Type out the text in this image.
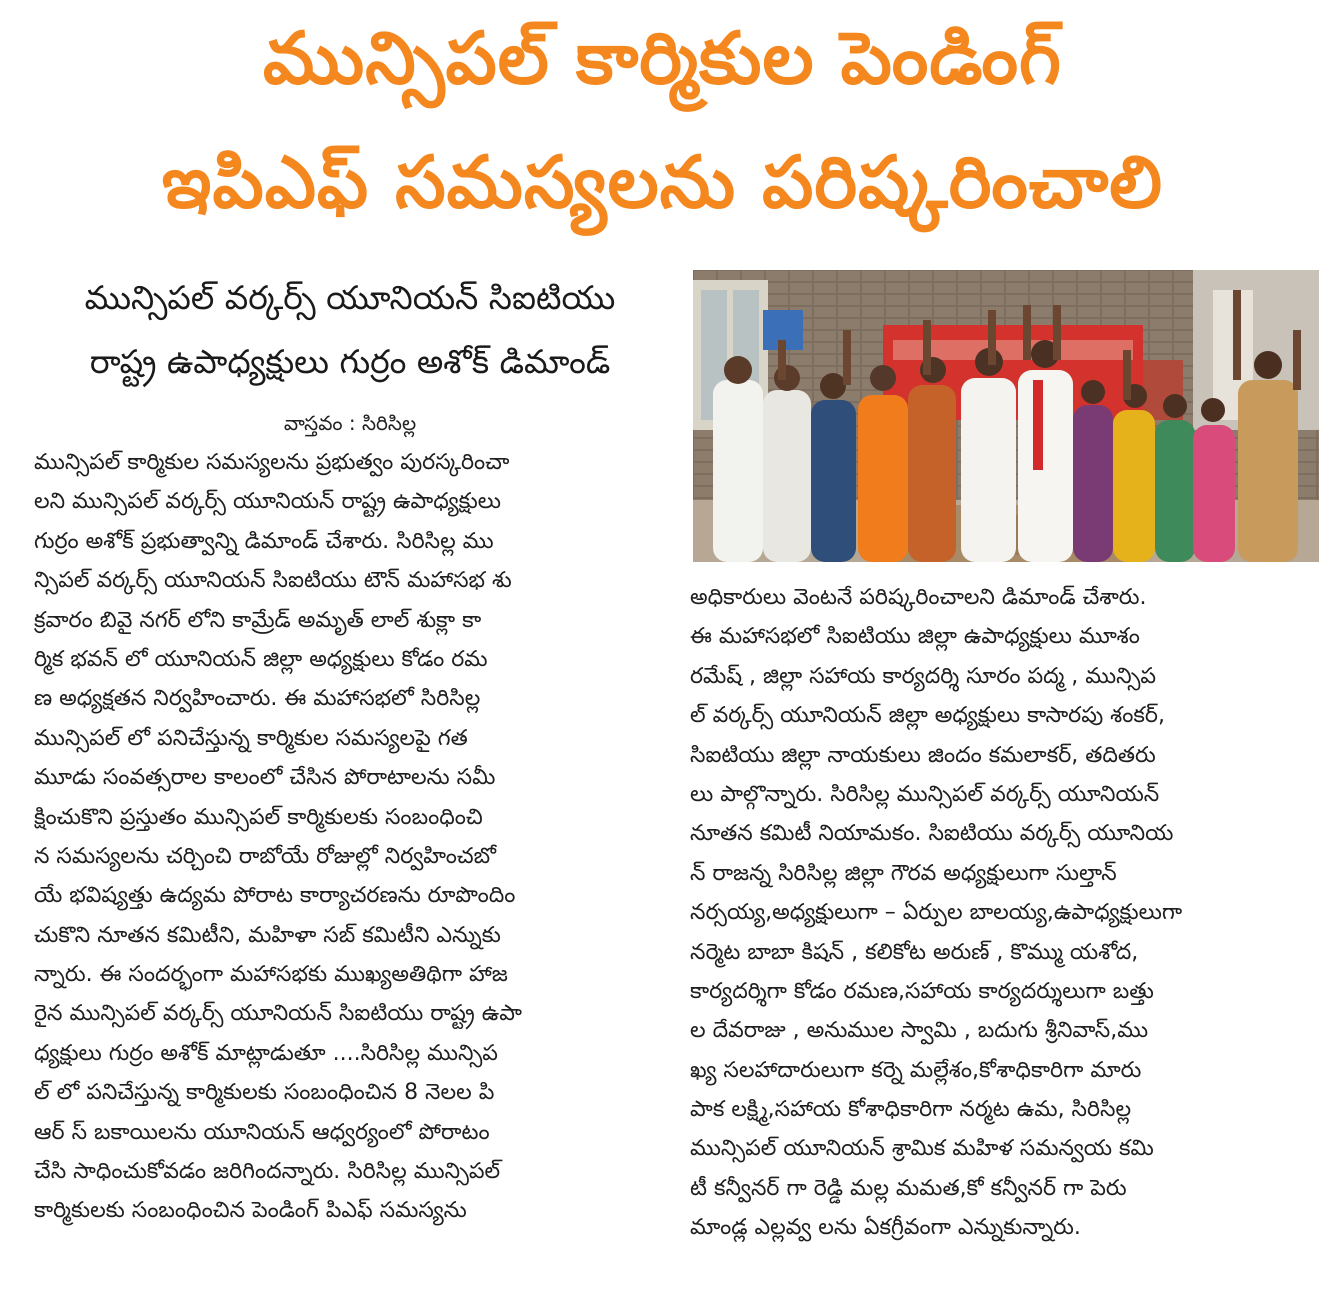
మున్సిపల్ కార్మికుల పెండింగ్
ఇపిఎఫ్ సమస్యలను పరిష్కరించాలి
మున్సిపల్ వర్కర్స్ యూనియన్ సిఐటియు
రాష్ట్ర ఉపాధ్యక్షులు గుర్రం అశోక్ డిమాండ్
వాస్తవం : సిరిసిల్ల
మున్సిపల్ కార్మికుల సమస్యలను ప్రభుత్వం పురస్కరించా
లని మున్సిపల్ వర్కర్స్ యూనియన్ రాష్ట్ర ఉపాధ్యక్షులు
గుర్రం అశోక్ ప్రభుత్వాన్ని డిమాండ్ చేశారు. సిరిసిల్ల ము
న్సిపల్ వర్కర్స్ యూనియన్ సిఐటియు టౌన్ మహాసభ శు
క్రవారం బివై నగర్ లోని కామ్రేడ్ అమృత్ లాల్ శుక్లా కా
ర్మిక భవన్ లో యూనియన్ జిల్లా అధ్యక్షులు కోడం రమ
ణ అధ్యక్షతన నిర్వహించారు. ఈ మహాసభలో సిరిసిల్ల
మున్సిపల్ లో పనిచేస్తున్న కార్మికుల సమస్యలపై గత
మూడు సంవత్సరాల కాలంలో చేసిన పోరాటాలను సమీ
క్షించుకొని ప్రస్తుతం మున్సిపల్ కార్మికులకు సంబంధించి
న సమస్యలను చర్చించి రాబోయే రోజుల్లో నిర్వహించబో
యే భవిష్యత్తు ఉద్యమ పోరాట కార్యాచరణను రూపొందిం
చుకొని నూతన కమిటీని, మహిళా సబ్ కమిటీని ఎన్నుకు
న్నారు. ఈ సందర్భంగా మహాసభకు ముఖ్యఅతిథిగా హాజ
రైన మున్సిపల్ వర్కర్స్ యూనియన్ సిఐటియు రాష్ట్ర ఉపా
ధ్యక్షులు గుర్రం అశోక్ మాట్లాడుతూ ....సిరిసిల్ల మున్సిప
ల్ లో పనిచేస్తున్న కార్మికులకు సంబంధించిన 8 నెలల పి
ఆర్ స్ బకాయిలను యూనియన్ ఆధ్వర్యంలో పోరాటం
చేసి సాధించుకోవడం జరిగిందన్నారు. సిరిసిల్ల మున్సిపల్
కార్మికులకు సంబంధించిన పెండింగ్ పిఎఫ్ సమస్యను
అధికారులు వెంటనే పరిష్కరించాలని డిమాండ్ చేశారు.
ఈ మహాసభలో సిఐటియు జిల్లా ఉపాధ్యక్షులు మూశం
రమేష్ , జిల్లా సహాయ కార్యదర్శి సూరం పద్మ , మున్సిప
ల్ వర్కర్స్ యూనియన్ జిల్లా అధ్యక్షులు కాసారపు శంకర్,
సిఐటియు జిల్లా నాయకులు జిందం కమలాకర్, తదితరు
లు పాల్గొన్నారు. సిరిసిల్ల మున్సిపల్ వర్కర్స్ యూనియన్
నూతన కమిటీ నియామకం. సిఐటియు వర్కర్స్ యూనియ
న్ రాజన్న సిరిసిల్ల జిల్లా గౌరవ అధ్యక్షులుగా సుల్తాన్
నర్సయ్య,అధ్యక్షులుగా – ఏర్పుల బాలయ్య,ఉపాధ్యక్షులుగా
నర్మెట బాబా కిషన్ , కలికోట అరుణ్ , కొమ్ము యశోద,
కార్యదర్శిగా కోడం రమణ,సహాయ కార్యదర్శులుగా బత్తు
ల దేవరాజు , అనుముల స్వామి , బదుగు శ్రీనివాస్,ము
ఖ్య సలహాదారులుగా కర్నె మల్లేశం,కోశాధికారిగా మారు
పాక లక్ష్మి,సహాయ కోశాధికారిగా నర్మట ఉమ, సిరిసిల్ల
మున్సిపల్ యూనియన్ శ్రామిక మహిళ సమన్వయ కమి
టీ కన్వీనర్ గా రెడ్డి మల్ల మమత,కో కన్వీనర్ గా పెరు
మాండ్ల ఎల్లవ్వ లను ఏకగ్రీవంగా ఎన్నుకున్నారు.
